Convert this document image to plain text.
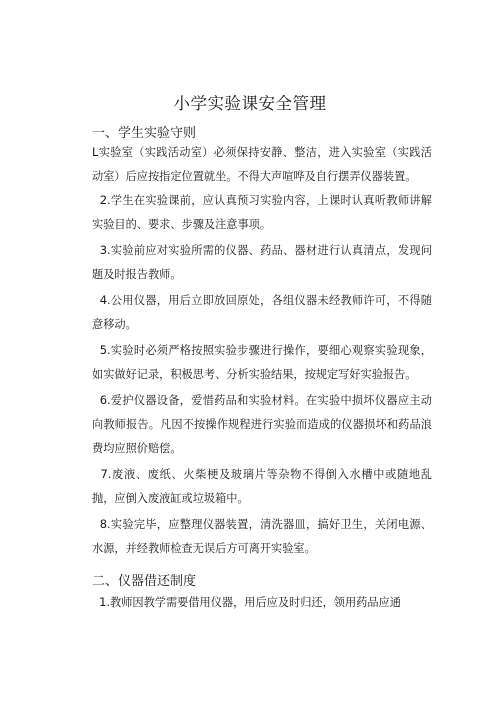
小学实验课安全管理
一、学生实验守则
L实验室（实践活动室）必须保持安静、整洁，进入实验室（实践活动室）后应按指定位置就坐。不得大声喧哗及自行摆弄仪器装置。
2.学生在实验课前，应认真预习实验内容，上课时认真听教师讲解实验目的、要求、步骤及注意事项。
3.实验前应对实验所需的仪器、药品、器材进行认真清点，发现问题及时报告教师。
4.公用仪器，用后立即放回原处，各组仪器未经教师许可，不得随意移动。
5.实验时必须严格按照实验步骤进行操作，要细心观察实验现象，如实做好记录，积极思考、分析实验结果，按规定写好实验报告。
6.爱护仪器设备，爱惜药品和实验材料。在实验中损坏仪器应主动向教师报告。凡因不按操作规程进行实验而造成的仪器损坏和药品浪费均应照价赔偿。
7.废液、废纸、火柴梗及玻璃片等杂物不得倒入水槽中或随地乱抛，应倒入废液缸或垃圾箱中。
8.实验完毕，应整理仪器装置，清洗器皿，搞好卫生，关闭电源、水源，并经教师检查无误后方可离开实验室。
二、仪器借还制度
1.教师因教学需要借用仪器，用后应及时归还，领用药品应通
